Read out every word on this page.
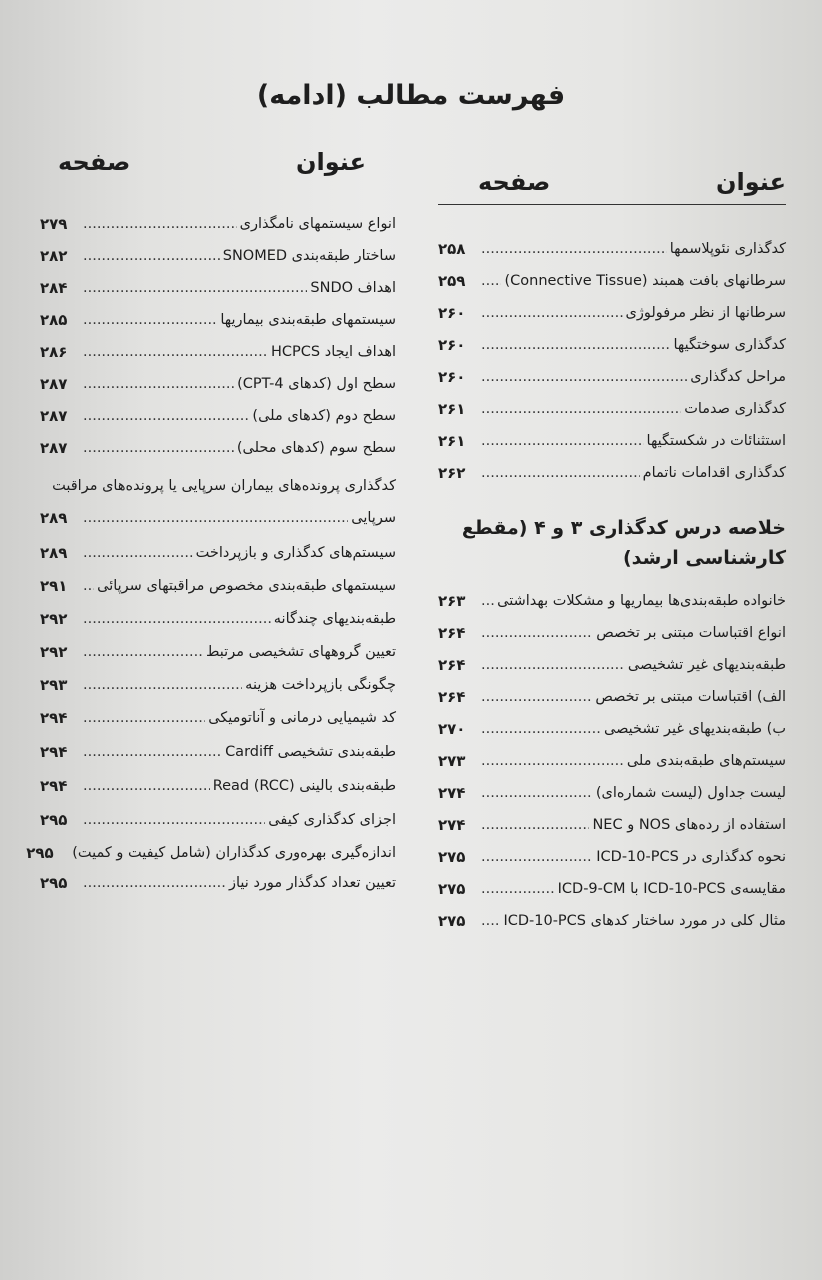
فهرست مطالب (ادامه)
عنوان
صفحه
کدگذاری نئوپلاسمها
.....
۲۵۸
سرطانهای بافت همبند (Connective Tissue)
.....
۲۵۹
سرطانها از نظر مرفولوژی
.....
۲۶۰
کدگذاری سوختگیها
.....
۲۶۰
مراحل کدگذاری
.....
۲۶۰
کدگذاری صدمات
.....
۲۶۱
استثنائات در شکستگیها
.....
۲۶۱
کدگذاری اقدامات ناتمام
.....
۲۶۲
خلاصه درس کدگذاری ۳ و ۴ (مقطع کارشناسی ارشد)
خانواده طبقه‌بندی‌ها بیماریها و مشکلات بهداشتی
.....
۲۶۳
انواع اقتباسات مبتنی بر تخصص
.....
۲۶۴
طبقه‌بندیهای غیر تشخیصی
.....
۲۶۴
الف) اقتباسات مبتنی بر تخصص
.....
۲۶۴
ب) طبقه‌بندیهای غیر تشخیصی
.....
۲۷۰
سیستم‌های طبقه‌بندی ملی
.....
۲۷۳
لیست جداول (لیست شماره‌ای)
.....
۲۷۴
استفاده از رده‌های NOS و NEC
.....
۲۷۴
نحوه کدگذاری در ICD-10-PCS
.....
۲۷۵
مقایسه‌ی ICD-10-PCS با ICD-9-CM
.....
۲۷۵
مثال کلی در مورد ساختار کدهای ICD-10-PCS
.....
۲۷۵
عنوان
صفحه
انواع سیستمهای نامگذاری
.....
۲۷۹
ساختار طبقه‌بندی SNOMED
.....
۲۸۲
اهداف SNDO
.....
۲۸۴
سیستمهای طبقه‌بندی بیماریها
.....
۲۸۵
اهداف ایجاد HCPCS
.....
۲۸۶
سطح اول (کدهای CPT-4)
.....
۲۸۷
سطح دوم (کدهای ملی)
.....
۲۸۷
سطح سوم (کدهای محلی)
.....
۲۸۷
کدگذاری پرونده‌های بیماران سرپایی یا پرونده‌های مراقبت
سرپایی
.....
۲۸۹
سیستم‌های کدگذاری و بازپرداخت
.....
۲۸۹
سیستمهای طبقه‌بندی مخصوص مراقبتهای سرپائی
.....
۲۹۱
طبقه‌بندیهای چندگانه
.....
۲۹۲
تعیین گروههای تشخیصی مرتبط
.....
۲۹۲
چگونگی بازپرداخت هزینه
.....
۲۹۳
کد شیمیایی درمانی و آناتومیکی
.....
۲۹۴
طبقه‌بندی تشخیصی Cardiff
.....
۲۹۴
طبقه‌بندی بالینی Read (RCC)
.....
۲۹۴
اجزای کدگذاری کیفی
.....
۲۹۵
اندازه‌گیری بهره‌وری کدگذاران (شامل کیفیت و کمیت)
۲۹۵
تعیین تعداد کدگذار مورد نیاز
.....
۲۹۵
